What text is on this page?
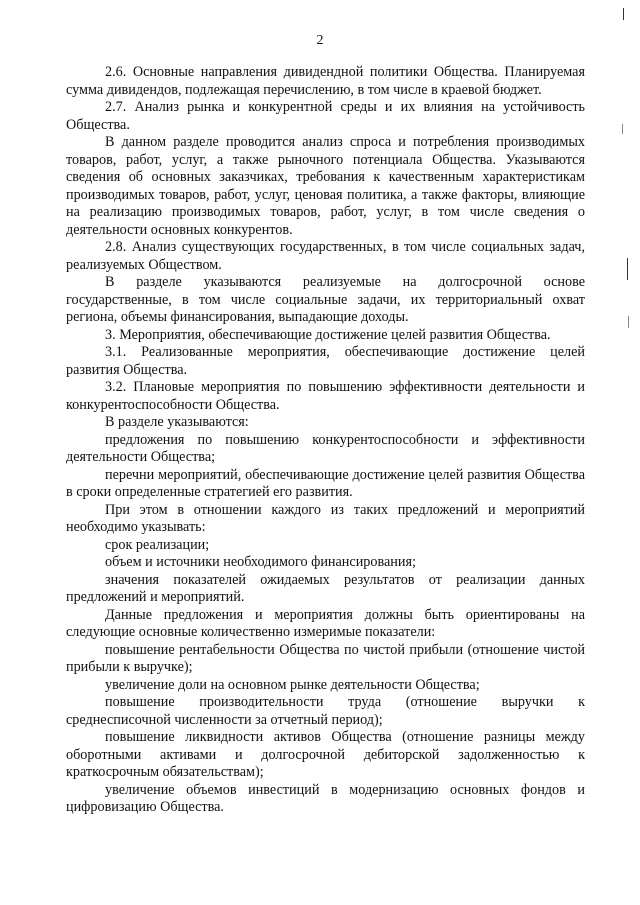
2

2.6. Основные направления дивидендной политики Общества. Планируемая сумма дивидендов, подлежащая перечислению, в том числе в краевой бюджет.

2.7. Анализ рынка и конкурентной среды и их влияния на устойчивость Общества.

В данном разделе проводится анализ спроса и потребления производимых товаров, работ, услуг, а также рыночного потенциала Общества. Указываются сведения об основных заказчиках, требования к качественным характеристикам производимых товаров, работ, услуг, ценовая политика, а также факторы, влияющие на реализацию производимых товаров, работ, услуг, в том числе сведения о деятельности основных конкурентов.

2.8. Анализ существующих государственных, в том числе социальных задач, реализуемых Обществом.

В разделе указываются реализуемые на долгосрочной основе государственные, в том числе социальные задачи, их территориальный охват региона, объемы финансирования, выпадающие доходы.

3. Мероприятия, обеспечивающие достижение целей развития Общества.

3.1. Реализованные мероприятия, обеспечивающие достижение целей развития Общества.

3.2. Плановые мероприятия по повышению эффективности деятельности и конкурентоспособности Общества.

В разделе указываются:

предложения по повышению конкурентоспособности и эффективности деятельности Общества;

перечни мероприятий, обеспечивающие достижение целей развития Общества в сроки определенные стратегией его развития.

При этом в отношении каждого из таких предложений и мероприятий необходимо указывать:

срок реализации;

объем и источники необходимого финансирования;

значения показателей ожидаемых результатов от реализации данных предложений и мероприятий.

Данные предложения и мероприятия должны быть ориентированы на следующие основные количественно измеримые показатели:

повышение рентабельности Общества по чистой прибыли (отношение чистой прибыли к выручке);

увеличение доли на основном рынке деятельности Общества;

повышение производительности труда (отношение выручки к среднесписочной численности за отчетный период);

повышение ликвидности активов Общества (отношение разницы между оборотными активами и долгосрочной дебиторской задолженностью к краткосрочным обязательствам);

увеличение объемов инвестиций в модернизацию основных фондов и цифровизацию Общества.
